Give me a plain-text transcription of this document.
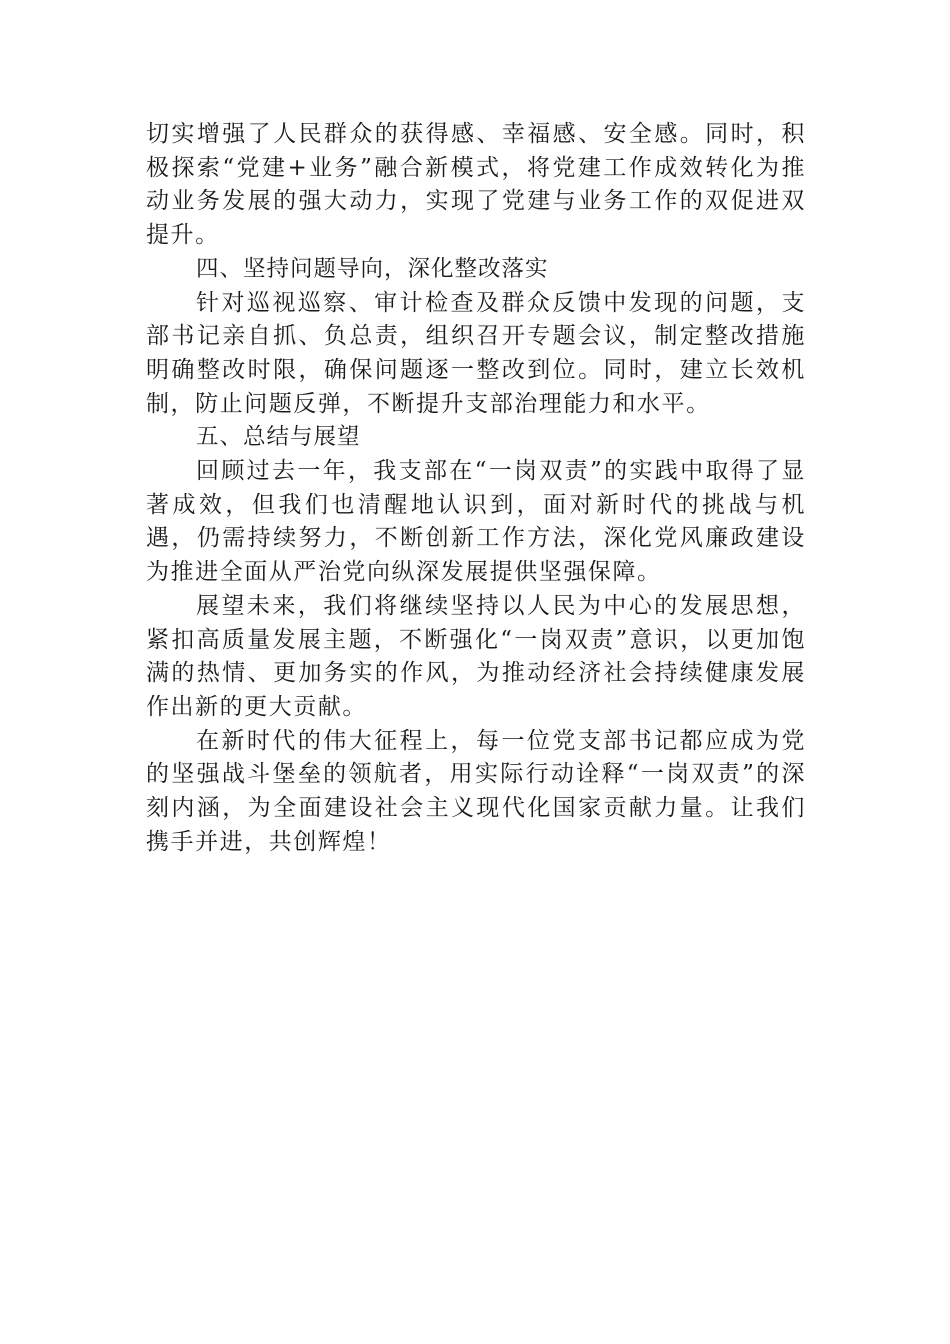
切实增强了人民群众的获得感、幸福感、安全感。同时，积极探索“党建+业务”融合新模式，将党建工作成效转化为推动业务发展的强大动力，实现了党建与业务工作的双促进双提升。

四、坚持问题导向，深化整改落实

针对巡视巡察、审计检查及群众反馈中发现的问题，支部书记亲自抓、负总责，组织召开专题会议，制定整改措施明确整改时限，确保问题逐一整改到位。同时，建立长效机制，防止问题反弹，不断提升支部治理能力和水平。

五、总结与展望

回顾过去一年，我支部在“一岗双责”的实践中取得了显著成效，但我们也清醒地认识到，面对新时代的挑战与机遇，仍需持续努力，不断创新工作方法，深化党风廉政建设为推进全面从严治党向纵深发展提供坚强保障。

展望未来，我们将继续坚持以人民为中心的发展思想，紧扣高质量发展主题，不断强化“一岗双责”意识，以更加饱满的热情、更加务实的作风，为推动经济社会持续健康发展作出新的更大贡献。

在新时代的伟大征程上，每一位党支部书记都应成为党的坚强战斗堡垒的领航者，用实际行动诠释“一岗双责”的深刻内涵，为全面建设社会主义现代化国家贡献力量。让我们携手并进，共创辉煌！
